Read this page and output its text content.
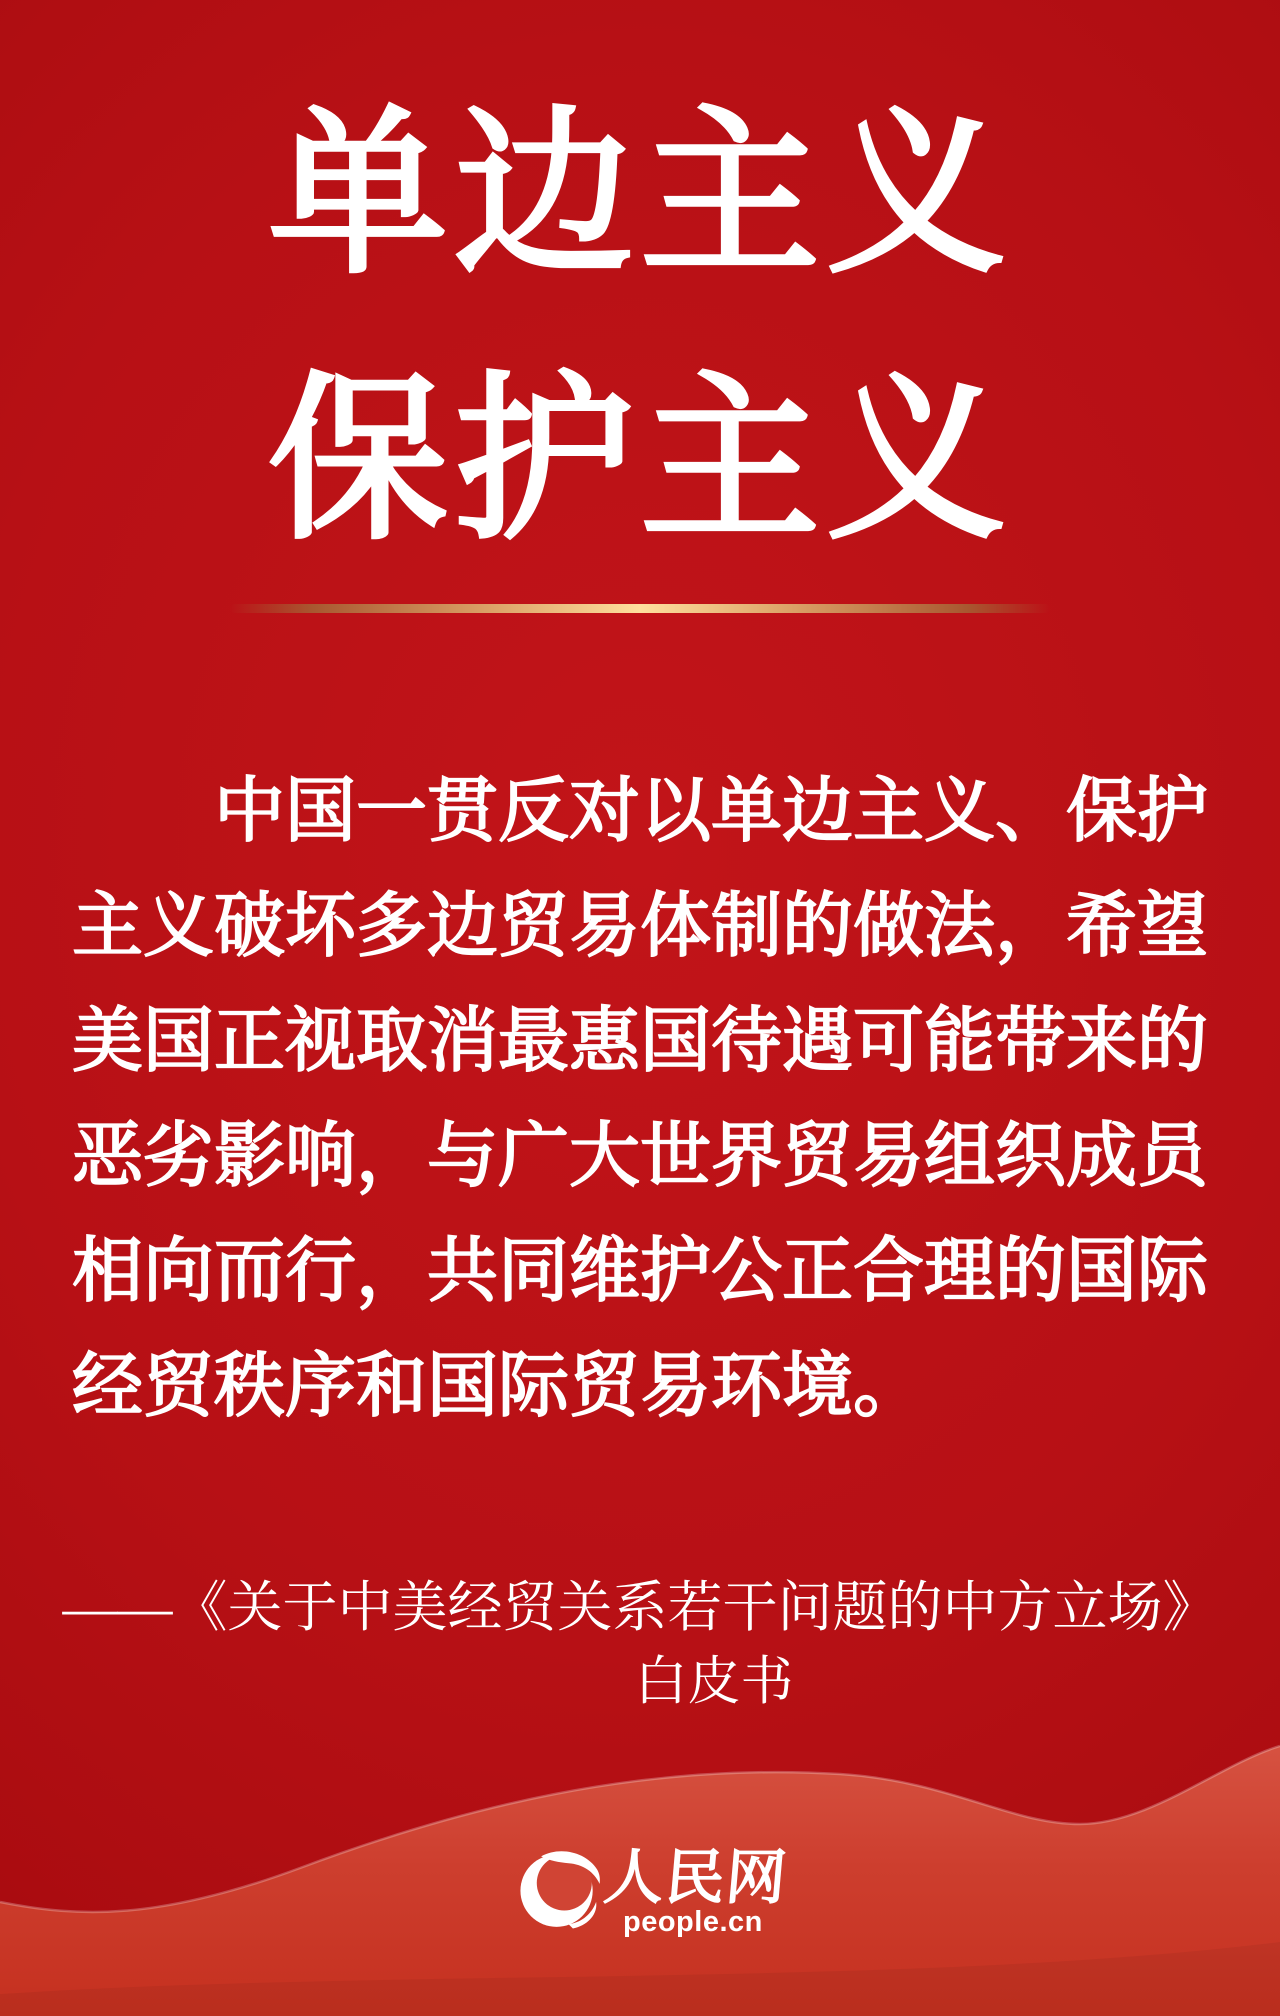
单边主义
保护主义
中国一贯反对以单边主义、保护
主义破坏多边贸易体制的做法，希望
美国正视取消最惠国待遇可能带来的
恶劣影响，与广大世界贸易组织成员
相向而行，共同维护公正合理的国际
经贸秩序和国际贸易环境。
——《关于中美经贸关系若干问题的中方立场》
白皮书
人民网
people.cn
